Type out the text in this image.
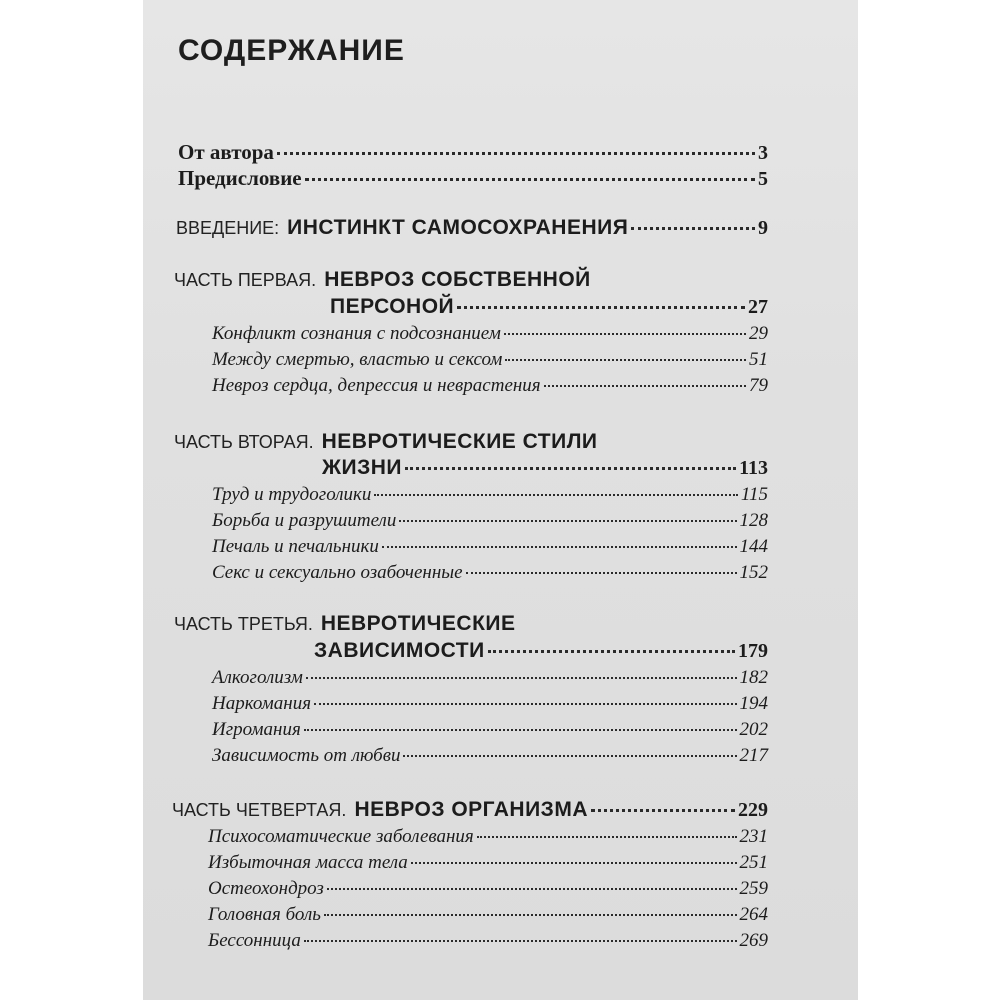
СОДЕРЖАНИЕ
От автора	3
Предисловие	5
ВВЕДЕНИЕ: ИНСТИНКТ САМОСОХРАНЕНИЯ	9
ЧАСТЬ ПЕРВАЯ. НЕВРОЗ СОБСТВЕННОЙ
ПЕРСОНОЙ	27
Конфликт сознания с подсознанием	29
Между смертью, властью и сексом	51
Невроз сердца, депрессия и неврастения	79
ЧАСТЬ ВТОРАЯ. НЕВРОТИЧЕСКИЕ СТИЛИ
ЖИЗНИ	113
Труд и трудоголики	115
Борьба и разрушители	128
Печаль и печальники	144
Секс и сексуально озабоченные	152
ЧАСТЬ ТРЕТЬЯ. НЕВРОТИЧЕСКИЕ
ЗАВИСИМОСТИ	179
Алкоголизм	182
Наркомания	194
Игромания	202
Зависимость от любви	217
ЧАСТЬ ЧЕТВЕРТАЯ. НЕВРОЗ ОРГАНИЗМА	229
Психосоматические заболевания	231
Избыточная масса тела	251
Остеохондроз	259
Головная боль	264
Бессонница	269
